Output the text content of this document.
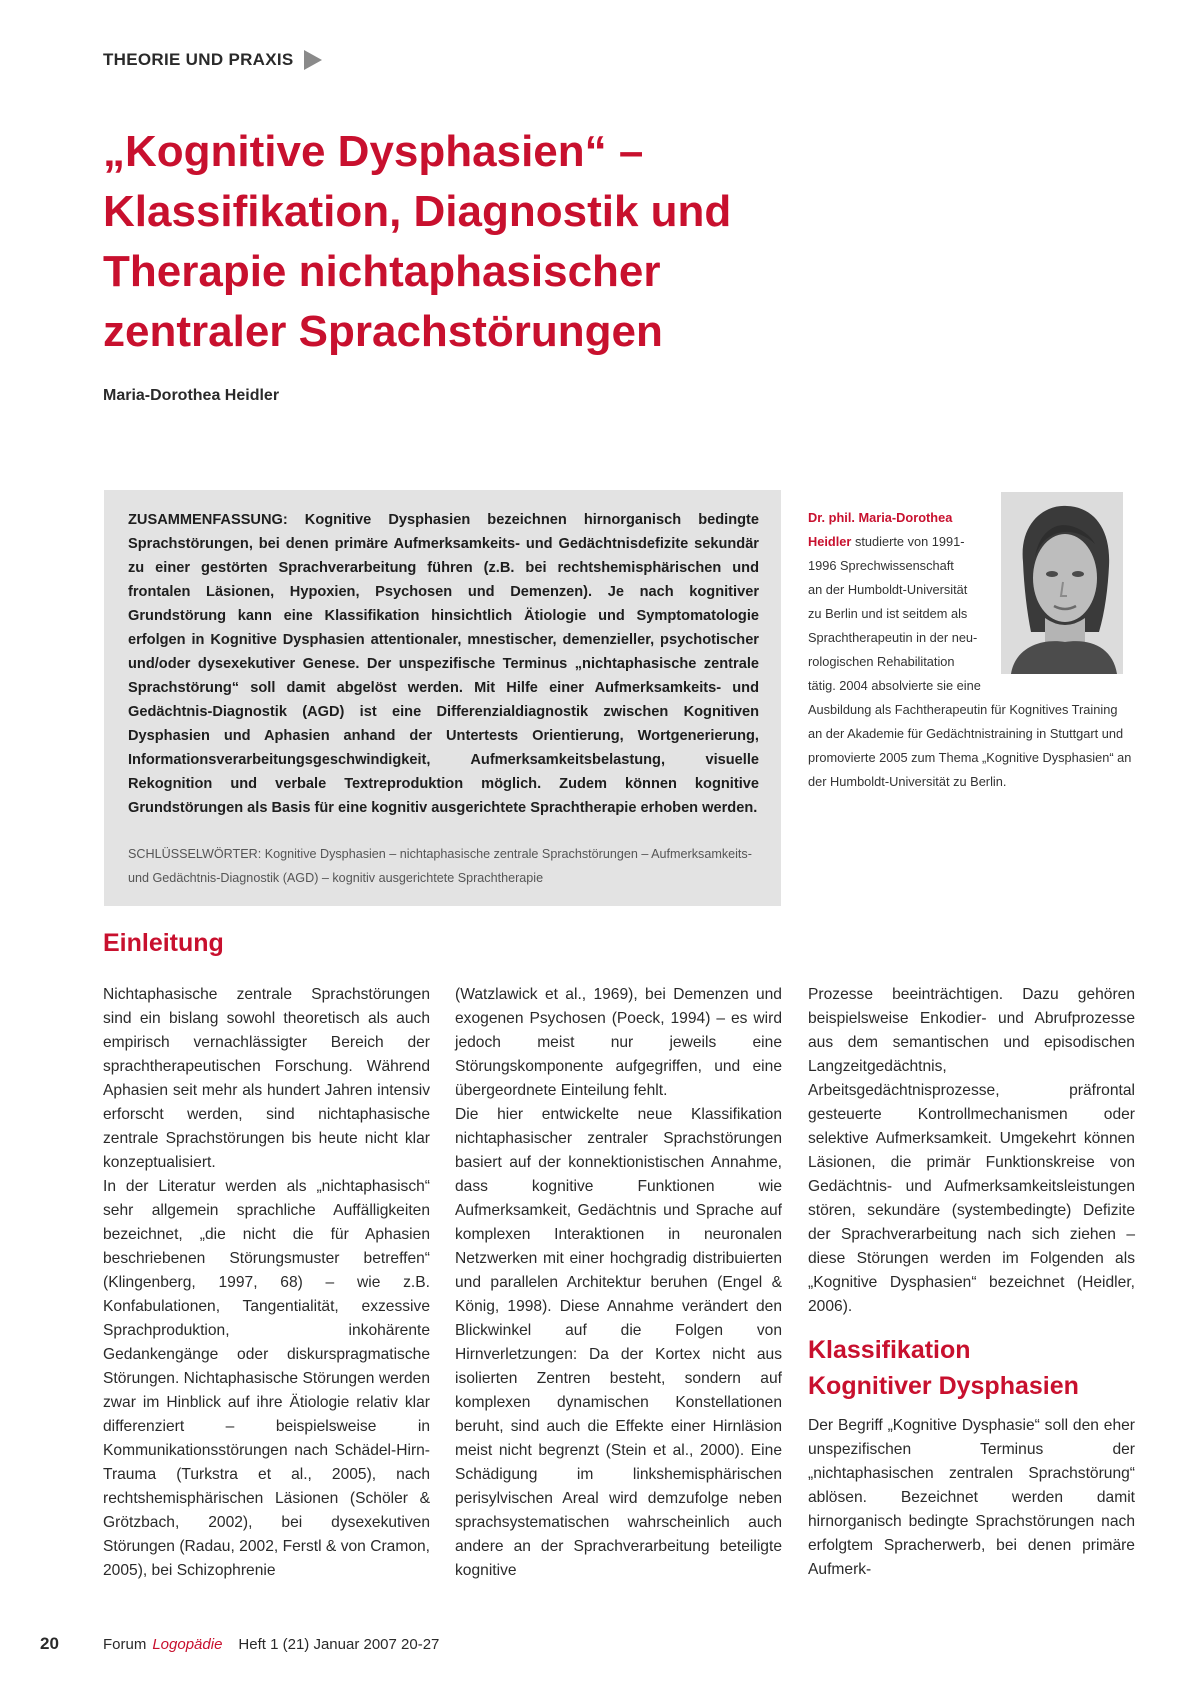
THEORIE UND PRAXIS
„Kognitive Dysphasien“ –
Klassifikation, Diagnostik und
Therapie nichtaphasischer
zentraler Sprachstörungen
Maria-Dorothea Heidler

ZUSAMMENFASSUNG: Kognitive Dysphasien bezeichnen hirnorganisch bedingte Sprachstörungen, bei denen primäre Aufmerksamkeits- und Gedächtnisdefizite sekundär zu einer gestörten Sprachverarbeitung führen (z.B. bei rechtshemisphärischen und frontalen Läsionen, Hypoxien, Psychosen und Demenzen). Je nach kognitiver Grundstörung kann eine Klassifikation hinsichtlich Ätiologie und Symptomatologie erfolgen in Kognitive Dysphasien attentionaler, mnestischer, demenzieller, psychotischer und/oder dysexekutiver Genese. Der unspezifische Terminus „nichtaphasische zentrale Sprachstörung“ soll damit abgelöst werden. Mit Hilfe einer Aufmerksamkeits- und Gedächtnis-Diagnostik (AGD) ist eine Differenzialdiagnostik zwischen Kognitiven Dysphasien und Aphasien anhand der Untertests Orientierung, Wortgenerierung, Informationsverarbeitungsgeschwindigkeit, Aufmerksamkeitsbelastung, visuelle Rekognition und verbale Textreproduktion möglich. Zudem können kognitive Grundstörungen als Basis für eine kognitiv ausgerichtete Sprachtherapie erhoben werden.

SCHLÜSSELWÖRTER: Kognitive Dysphasien – nichtaphasische zentrale Sprachstörungen – Aufmerksamkeits- und Gedächtnis-Diagnostik (AGD) – kognitiv ausgerichtete Sprachtherapie
Dr. phil. Maria-Dorothea
Heidler studierte von 1991-
1996 Sprechwissenschaft
an der Humboldt-Universität
zu Berlin und ist seitdem als
Sprachtherapeutin in der neu-
rologischen Rehabilitation
tätig. 2004 absolvierte sie eine
Ausbildung als Fachtherapeutin für Kognitives Training
an der Akademie für Gedächtnistraining in Stuttgart und
promovierte 2005 zum Thema „Kognitive Dysphasien“ an
der Humboldt-Universität zu Berlin.
Einleitung

Nichtaphasische zentrale Sprachstörungen sind ein bislang sowohl theoretisch als auch empirisch vernachlässigter Bereich der sprachtherapeutischen Forschung. Während Aphasien seit mehr als hundert Jahren intensiv erforscht werden, sind nichtaphasische zentrale Sprachstörungen bis heute nicht klar konzeptualisiert.

In der Literatur werden als „nichtaphasisch“ sehr allgemein sprachliche Auffälligkeiten bezeichnet, „die nicht die für Aphasien beschriebenen Störungsmuster betreffen“ (Klingenberg, 1997, 68) – wie z.B. Konfabulationen, Tangentialität, exzessive Sprachproduktion, inkohärente Gedankengänge oder diskurspragmatische Störungen. Nichtaphasische Störungen werden zwar im Hinblick auf ihre Ätiologie relativ klar differenziert – beispielsweise in Kommunikationsstörungen nach Schädel-Hirn-Trauma (Turkstra et al., 2005), nach rechtshemisphärischen Läsionen (Schöler & Grötzbach, 2002), bei dysexekutiven Störungen (Radau, 2002, Ferstl & von Cramon, 2005), bei Schizophrenie

(Watzlawick et al., 1969), bei Demenzen und exogenen Psychosen (Poeck, 1994) – es wird jedoch meist nur jeweils eine Störungskomponente aufgegriffen, und eine übergeordnete Einteilung fehlt.

Die hier entwickelte neue Klassifikation nichtaphasischer zentraler Sprachstörungen basiert auf der konnektionistischen Annahme, dass kognitive Funktionen wie Aufmerksamkeit, Gedächtnis und Sprache auf komplexen Interaktionen in neuronalen Netzwerken mit einer hochgradig distribuierten und parallelen Architektur beruhen (Engel & König, 1998). Diese Annahme verändert den Blickwinkel auf die Folgen von Hirnverletzungen: Da der Kortex nicht aus isolierten Zentren besteht, sondern auf komplexen dynamischen Konstellationen beruht, sind auch die Effekte einer Hirnläsion meist nicht begrenzt (Stein et al., 2000). Eine Schädigung im linkshemisphärischen perisylvischen Areal wird demzufolge neben sprachsystematischen wahrscheinlich auch andere an der Sprachverarbeitung beteiligte kognitive

Prozesse beeinträchtigen. Dazu gehören beispielsweise Enkodier- und Abrufprozesse aus dem semantischen und episodischen Langzeitgedächtnis, Arbeitsgedächtnisprozesse, präfrontal gesteuerte Kontrollmechanismen oder selektive Aufmerksamkeit. Umgekehrt können Läsionen, die primär Funktionskreise von Gedächtnis- und Aufmerksamkeitsleistungen stören, sekundäre (systembedingte) Defizite der Sprachverarbeitung nach sich ziehen – diese Störungen werden im Folgenden als „Kognitive Dysphasien“ bezeichnet (Heidler, 2006).

Klassifikation
Kognitiver Dysphasien

Der Begriff „Kognitive Dysphasie“ soll den eher unspezifischen Terminus der „nichtaphasischen zentralen Sprachstörung“ ablösen. Bezeichnet werden damit hirnorganisch bedingte Sprachstörungen nach erfolgtem Spracherwerb, bei denen primäre Aufmerk-

20	Forum Logopädie Heft 1 (21) Januar 2007 20-27
